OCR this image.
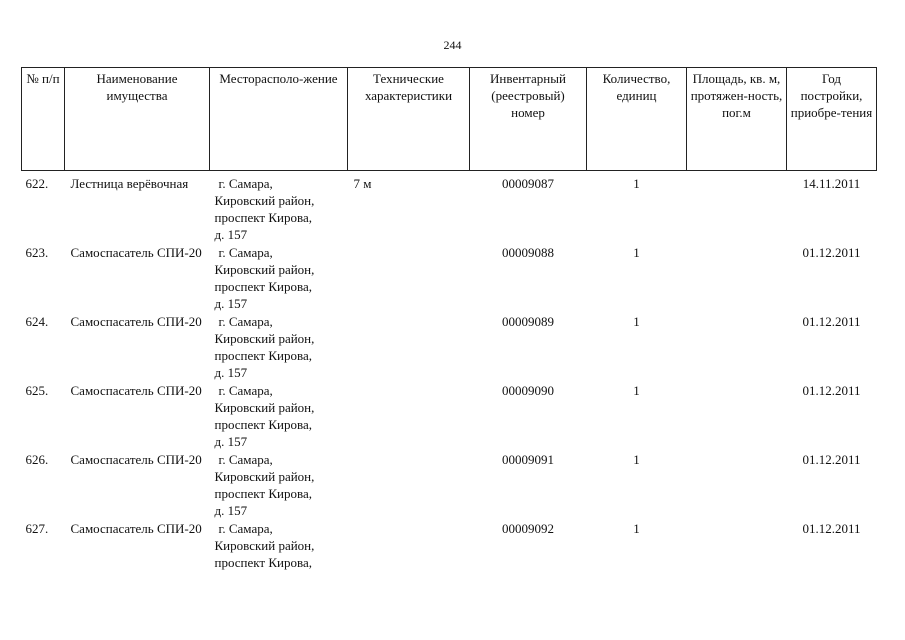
244
№ п/п	Наименование имущества	Месторасполо-жение	Технические характеристики	Инвентарный (реестровый) номер	Количество, единиц	Площадь, кв. м, протяжен-ность, пог.м	Год постройки, приобре-тения
622.	Лестница верёвочная	г. Самара,
Кировский район,
проспект Кирова,
д. 157	7 м	00009087	1		14.11.2011
623.	Самоспасатель СПИ-20	г. Самара,
Кировский район,
проспект Кирова,
д. 157		00009088	1		01.12.2011
624.	Самоспасатель СПИ-20	г. Самара,
Кировский район,
проспект Кирова,
д. 157		00009089	1		01.12.2011
625.	Самоспасатель СПИ-20	г. Самара,
Кировский район,
проспект Кирова,
д. 157		00009090	1		01.12.2011
626.	Самоспасатель СПИ-20	г. Самара,
Кировский район,
проспект Кирова,
д. 157		00009091	1		01.12.2011
627.	Самоспасатель СПИ-20	г. Самара,
Кировский район,
проспект Кирова,		00009092	1		01.12.2011
